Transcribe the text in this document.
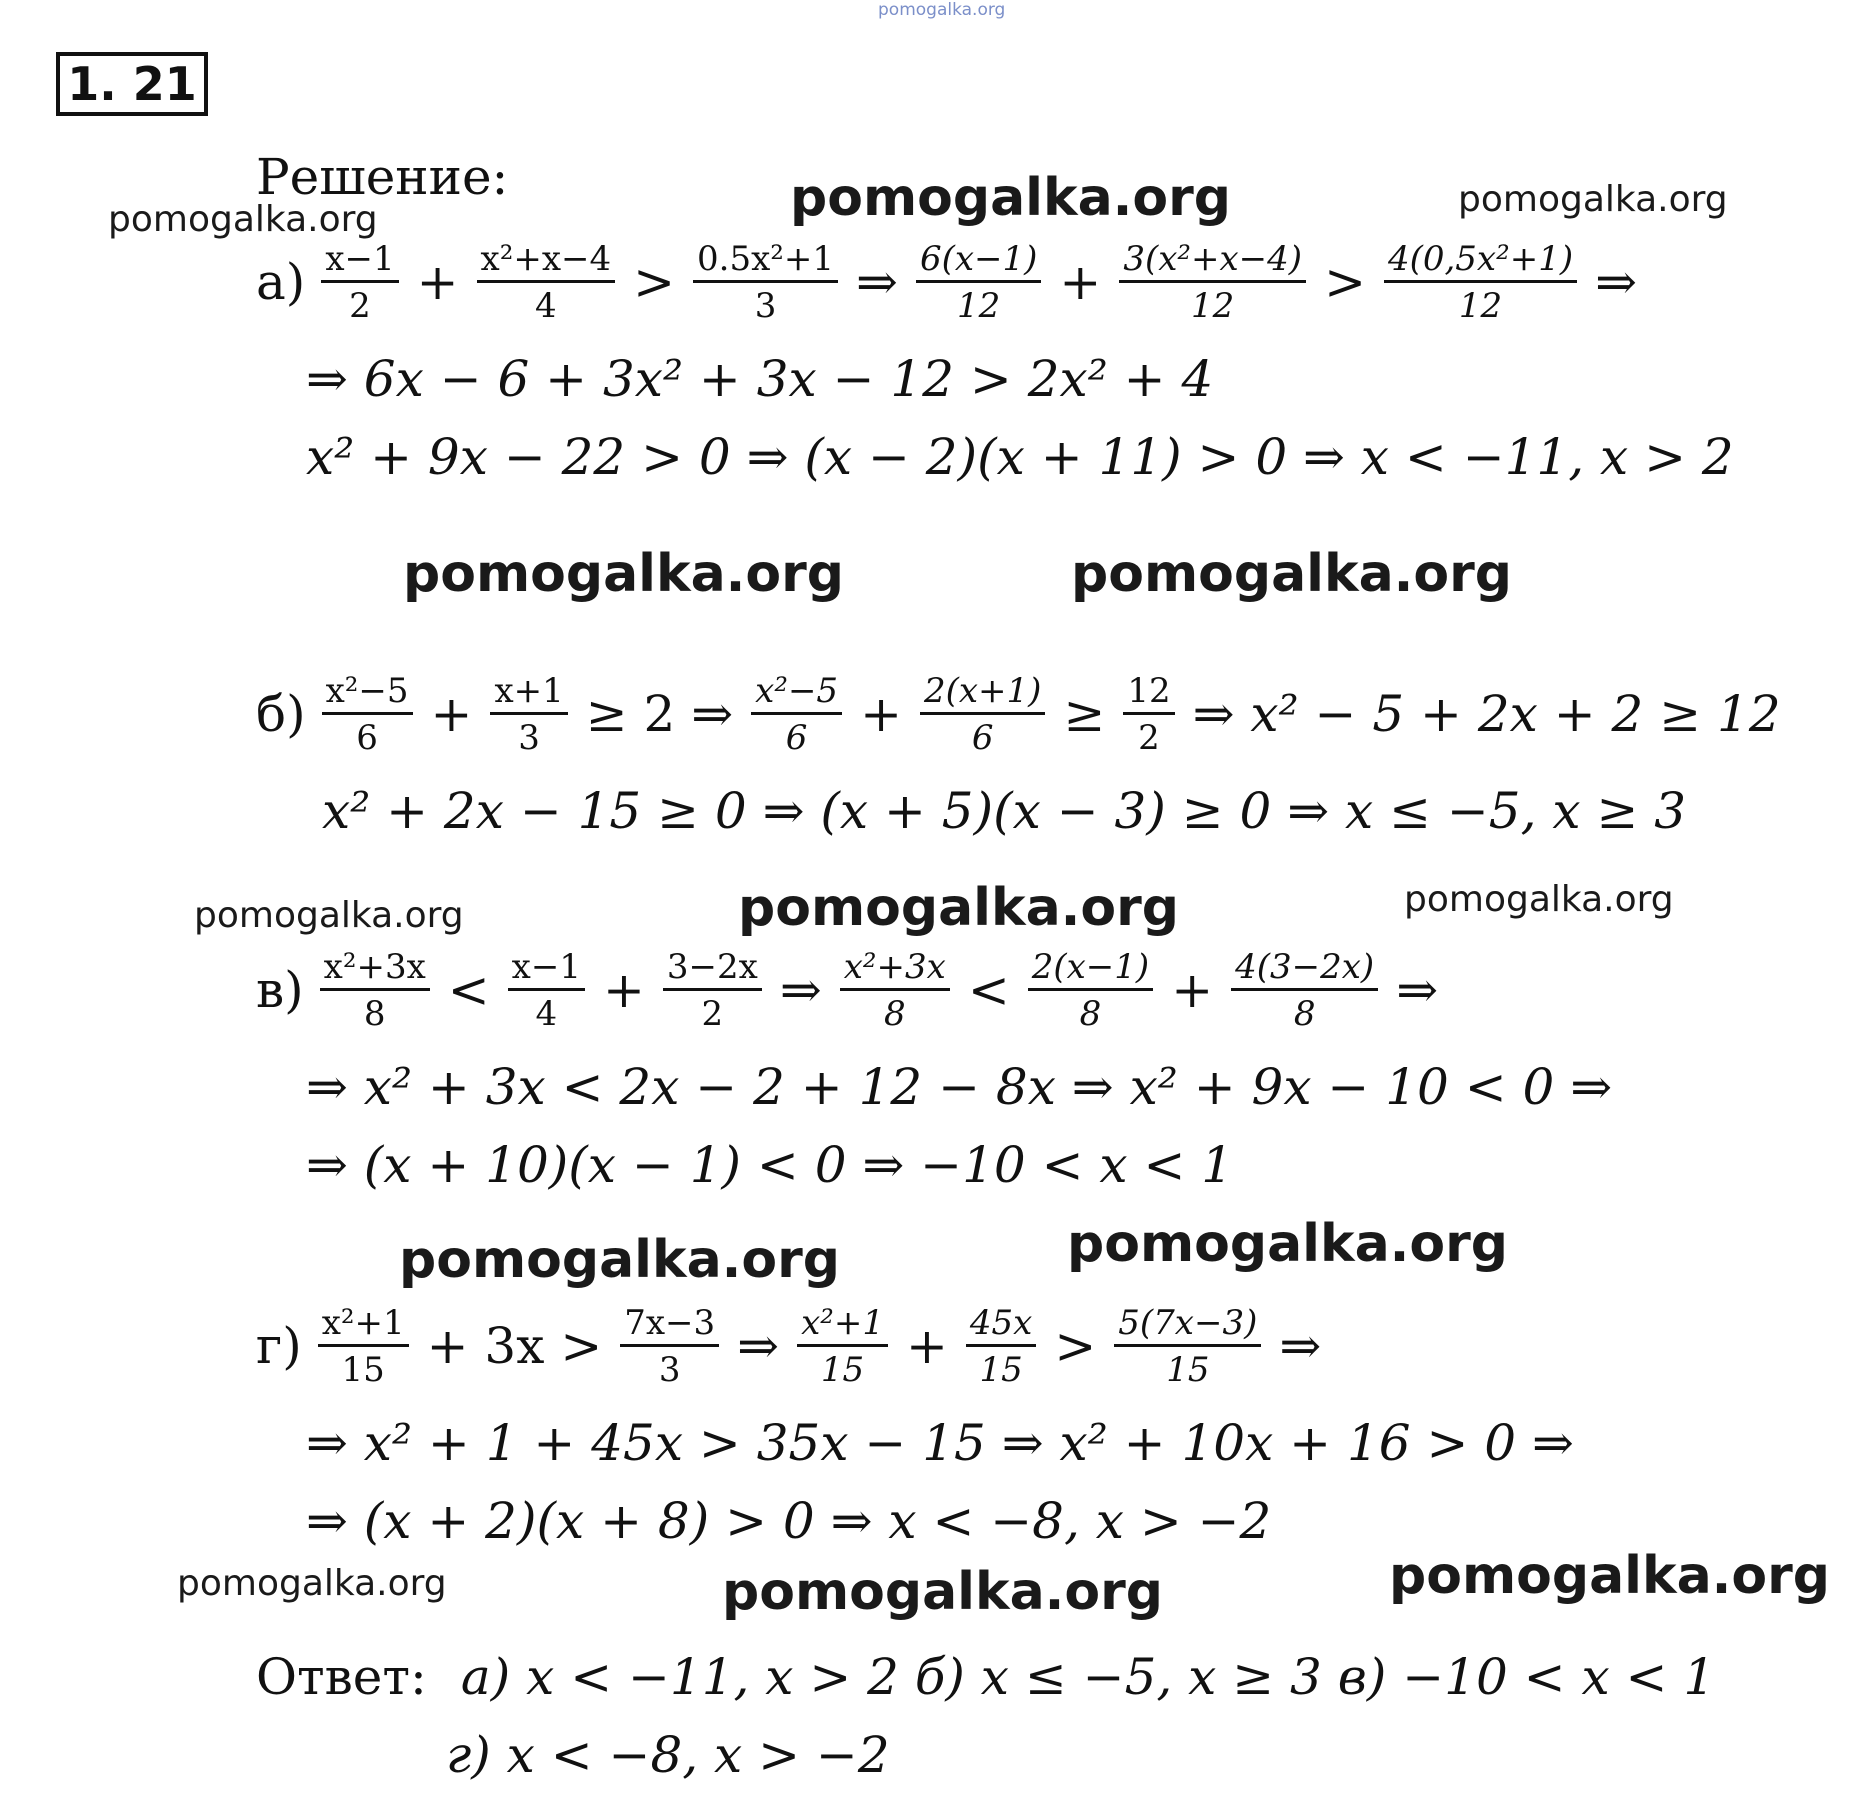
pomogalka.org
pomogalka.org
pomogalka.org	pomogalka.org
pomogalka.org	pomogalka.org
pomogalka.org	pomogalka.org	pomogalka.org
pomogalka.org	pomogalka.org
pomogalka.org	pomogalka.org	pomogalka.org
1. 21
Решение:
$а) \frac{x-1}{2} + \frac{\text{x²+x−4}}{4} > \frac{\text{0.5x²+1}}{3}$ ⇒ $\frac{6(x-1)}{12} + \frac{\text{3(x²+x−4)}}{12} > \frac{\text{4(0,5x²+1)}}{12}$ ⇒
⇒ 6x − 6 + 3x² + 3x − 12 > 2x² + 4
x² + 9x − 22 > 0 ⇒ (x − 2)(x + 11) > 0 ⇒ x < −11, x > 2
$б) \frac{\text{x²−5}}{6} + \frac{x+1}{3} \ge 2$ ⇒ $\frac{\text{x²−5}}{6} + \frac{2(x+1)}{6} \ge \frac{12}{2}$ ⇒ x² − 5 + 2x + 2 ≥ 12
x² + 2x − 15 ≥ 0 ⇒ (x + 5)(x − 3) ≥ 0 ⇒ x ≤ −5, x ≥ 3
$в) \frac{\text{x²+3x}}{8} < \frac{x-1}{4} + \frac{3-2x}{2}$ ⇒ $\frac{\text{x²+3x}}{8} < \frac{2(x-1)}{8} + \frac{4(3-2x)}{8}$ ⇒
⇒ x² + 3x < 2x − 2 + 12 − 8x ⇒ x² + 9x − 10 < 0 ⇒
⇒ (x + 10)(x − 1) < 0 ⇒ −10 < x < 1
$г) \frac{\text{x²+1}}{15} + 3x > \frac{7x-3}{3}$ ⇒ $\frac{\text{x²+1}}{15} + \frac{45x}{15} > \frac{5(7x-3)}{15}$ ⇒
⇒ x² + 1 + 45x > 35x − 15 ⇒ x² + 10x + 16 > 0 ⇒
⇒ (x + 2)(x + 8) > 0 ⇒ x < −8, x > −2
Ответ: а) x < −11, x > 2 б) x ≤ −5, x ≥ 3 в) −10 < x < 1
г) x < −8, x > −2
